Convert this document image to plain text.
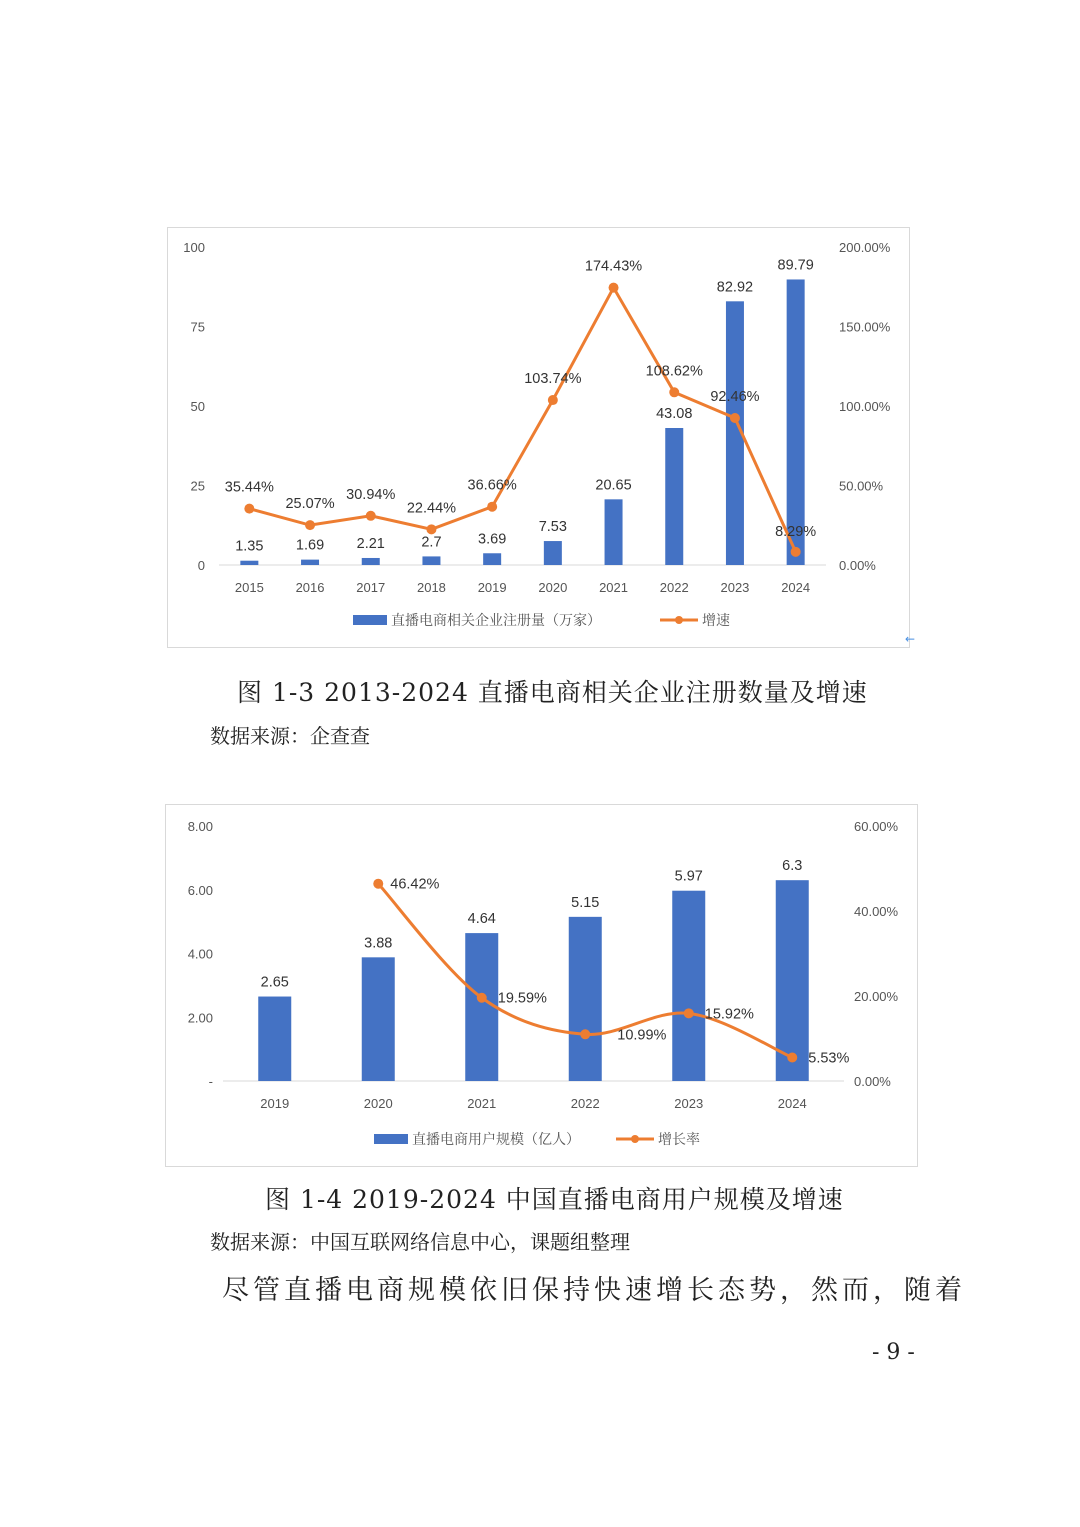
0
25
50
75
100
0.00%
50.00%
100.00%
150.00%
200.00%
2015 2016 2017 2018 2019 2020 2021 2022 2023 2024
1.35 1.69 2.21	2.7	3.69
7.53
20.65
43.08
82.92
89.79
35.44%
25.07%
30.94%
22.44%
36.66%
103.74%
174.43%
108.62%
92.46%
8.29%
直播电商相关企业注册量（万家）	增速
←
图 1-3 2013-2024 直播电商相关企业注册数量及增速
数据来源：企查查
-
2.00
4.00
6.00
8.00
0.00%
20.00%
40.00%
60.00%
2019	2020	2021	2022	2023	2024
2.65
3.88
4.64
5.15
5.97
6.3
46.42%
19.59%
10.99%
15.92%
5.53%
直播电商用户规模（亿人）	增长率
图 1-4 2019-2024 中国直播电商用户规模及增速
数据来源：中国互联网络信息中心，课题组整理
尽管直播电商规模依旧保持快速增长态势，然而，随着
- 9 -
